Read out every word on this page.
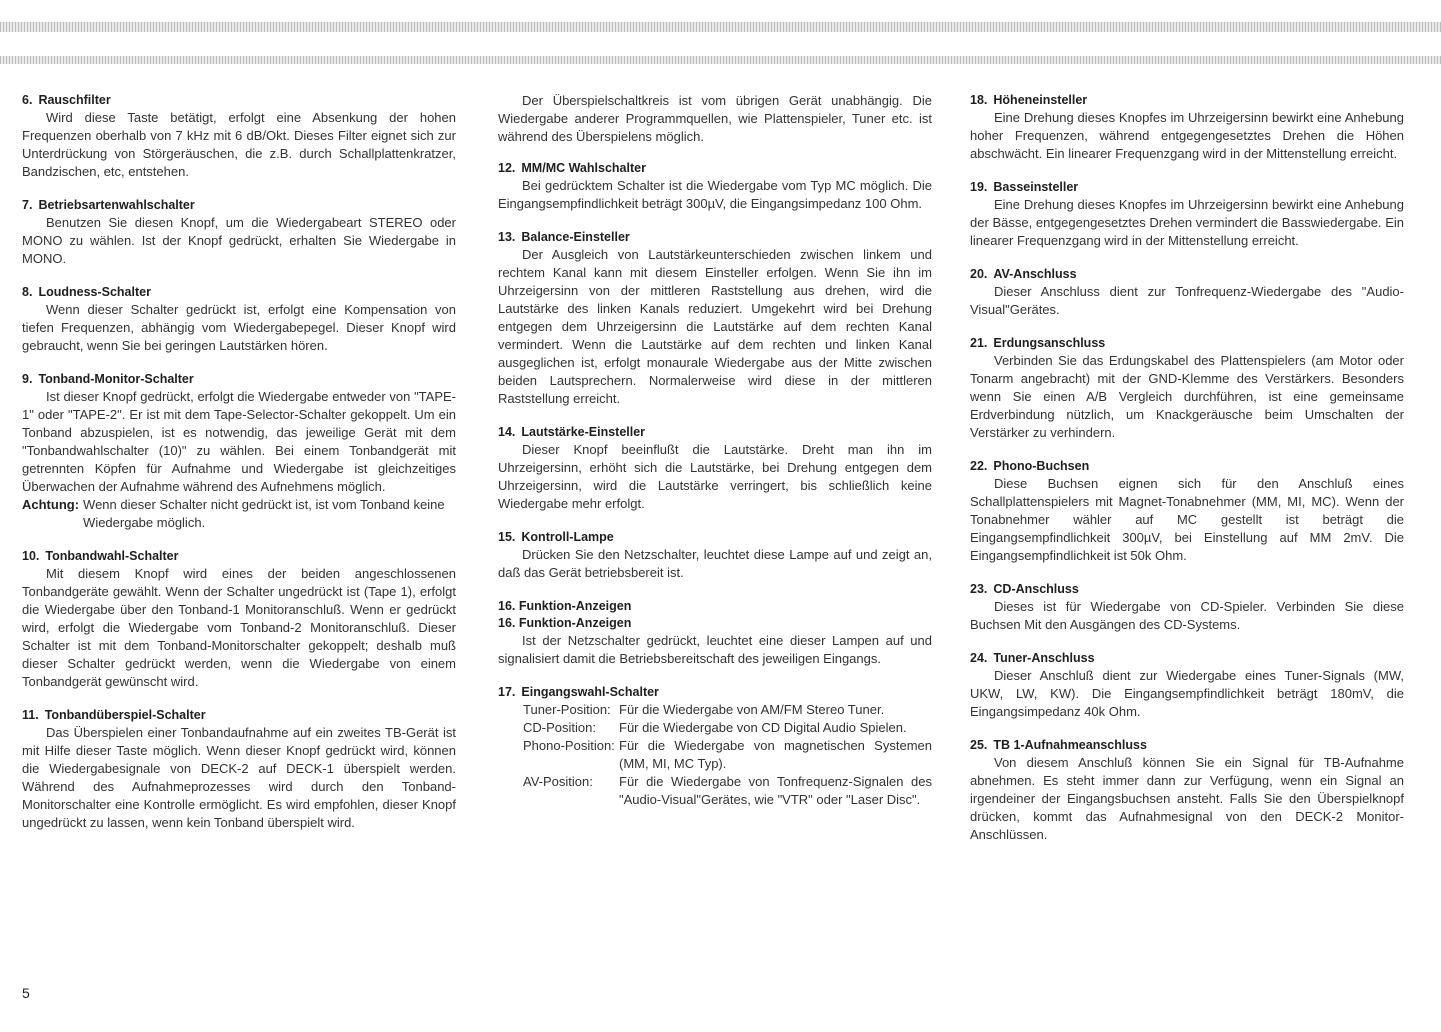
6. Rauschfilter

Wird diese Taste betätigt, erfolgt eine Absenkung der hohen Frequenzen oberhalb von 7 kHz mit 6 dB/Okt. Dieses Filter eignet sich zur Unterdrückung von Störgeräuschen, die z.B. durch Schallplattenkratzer, Bandzischen, etc, entstehen.

7. Betriebsartenwahlschalter

Benutzen Sie diesen Knopf, um die Wiedergabeart STEREO oder MONO zu wählen. Ist der Knopf gedrückt, erhalten Sie Wiedergabe in MONO.

8. Loudness-Schalter

Wenn dieser Schalter gedrückt ist, erfolgt eine Kompensation von tiefen Frequenzen, abhängig vom Wiedergabepegel. Dieser Knopf wird gebraucht, wenn Sie bei geringen Lautstärken hören.

9. Tonband-Monitor-Schalter

Ist dieser Knopf gedrückt, erfolgt die Wiedergabe entweder von "TAPE-1" oder "TAPE-2". Er ist mit dem Tape-Selector-Schalter gekoppelt. Um ein Tonband abzuspielen, ist es notwendig, das jeweilige Gerät mit dem "Tonbandwahlschalter (10)" zu wählen. Bei einem Tonbandgerät mit getrennten Köpfen für Aufnahme und Wiedergabe ist gleichzeitiges Überwachen der Aufnahme während des Aufnehmens möglich.

Achtung: Wenn dieser Schalter nicht gedrückt ist, ist vom Tonband keine Wiedergabe möglich.
10. Tonbandwahl-Schalter

Mit diesem Knopf wird eines der beiden angeschlossenen Tonbandgeräte gewählt. Wenn der Schalter ungedrückt ist (Tape 1), erfolgt die Wiedergabe über den Tonband-1 Monitoranschluß. Wenn er gedrückt wird, erfolgt die Wiedergabe vom Tonband-2 Monitoranschluß. Dieser Schalter ist mit dem Tonband-Monitorschalter gekoppelt; deshalb muß dieser Schalter gedrückt werden, wenn die Wiedergabe von einem Tonbandgerät gewünscht wird.

11. Tonbandüberspiel-Schalter

Das Überspielen einer Tonbandaufnahme auf ein zweites TB-Gerät ist mit Hilfe dieser Taste möglich. Wenn dieser Knopf gedrückt wird, können die Wiedergabesignale von DECK-2 auf DECK-1 überspielt werden. Während des Aufnahmeprozesses wird durch den Tonband-Monitorschalter eine Kontrolle ermöglicht. Es wird empfohlen, dieser Knopf ungedrückt zu lassen, wenn kein Tonband überspielt wird.

Der Überspielschaltkreis ist vom übrigen Gerät unabhängig. Die Wiedergabe anderer Programmquellen, wie Plattenspieler, Tuner etc. ist während des Überspielens möglich.

12. MM/MC Wahlschalter

Bei gedrücktem Schalter ist die Wiedergabe vom Typ MC möglich. Die Eingangsempfindlichkeit beträgt 300µV, die Eingangsimpedanz 100 Ohm.

13. Balance-Einsteller

Der Ausgleich von Lautstärkeunterschieden zwischen linkem und rechtem Kanal kann mit diesem Einsteller erfolgen. Wenn Sie ihn im Uhrzeigersinn von der mittleren Raststellung aus drehen, wird die Lautstärke des linken Kanals reduziert. Umgekehrt wird bei Drehung entgegen dem Uhrzeigersinn die Lautstärke auf dem rechten Kanal vermindert. Wenn die Lautstärke auf dem rechten und linken Kanal ausgeglichen ist, erfolgt monaurale Wiedergabe aus der Mitte zwischen beiden Lautsprechern. Normalerweise wird diese in der mittleren Raststellung erreicht.

14. Lautstärke-Einsteller

Dieser Knopf beeinflußt die Lautstärke. Dreht man ihn im Uhrzeigersinn, erhöht sich die Lautstärke, bei Drehung entgegen dem Uhrzeigersinn, wird die Lautstärke verringert, bis schließlich keine Wiedergabe mehr erfolgt.

15. Kontroll-Lampe

Drücken Sie den Netzschalter, leuchtet diese Lampe auf und zeigt an, daß das Gerät betriebsbereit ist.

16. Funktion-Anzeigen
16. Funktion-Anzeigen

Ist der Netzschalter gedrückt, leuchtet eine dieser Lampen auf und signalisiert damit die Betriebsbereitschaft des jeweiligen Eingangs.

17. Eingangswahl-Schalter
Tuner-Position: Für die Wiedergabe von AM/FM Stereo Tuner.
CD-Position:	Für die Wiedergabe von CD Digital Audio Spielen.
Phono-Position: Für die Wiedergabe von magnetischen Systemen (MM, MI, MC Typ).
AV-Position:	Für die Wiedergabe von Tonfrequenz-Signalen des "Audio-Visual"Gerätes, wie "VTR" oder "Laser Disc".
18. Höheneinsteller

Eine Drehung dieses Knopfes im Uhrzeigersinn bewirkt eine Anhebung hoher Frequenzen, während entgegengesetztes Drehen die Höhen abschwächt. Ein linearer Frequenzgang wird in der Mittenstellung erreicht.

19. Basseinsteller

Eine Drehung dieses Knopfes im Uhrzeigersinn bewirkt eine Anhebung der Bässe, entgegengesetztes Drehen vermindert die Basswiedergabe. Ein linearer Frequenzgang wird in der Mittenstellung erreicht.

20. AV-Anschluss

Dieser Anschluss dient zur Tonfrequenz-Wiedergabe des "Audio-Visual"Gerätes.

21. Erdungsanschluss

Verbinden Sie das Erdungskabel des Plattenspielers (am Motor oder Tonarm angebracht) mit der GND-Klemme des Verstärkers. Besonders wenn Sie einen A/B Vergleich durchführen, ist eine gemeinsame Erdverbindung nützlich, um Knackgeräusche beim Umschalten der Verstärker zu verhindern.

22. Phono-Buchsen

Diese Buchsen eignen sich für den Anschluß eines Schallplattenspielers mit Magnet-Tonabnehmer (MM, MI, MC). Wenn der Tonabnehmer wähler auf MC gestellt ist beträgt die Eingangsempfindlichkeit 300µV, bei Einstellung auf MM 2mV. Die Eingangsempfindlichkeit ist 50k Ohm.

23. CD-Anschluss

Dieses ist für Wiedergabe von CD-Spieler. Verbinden Sie diese Buchsen Mit den Ausgängen des CD-Systems.

24. Tuner-Anschluss

Dieser Anschluß dient zur Wiedergabe eines Tuner-Signals (MW, UKW, LW, KW). Die Eingangsempfindlichkeit beträgt 180mV, die Eingangsimpedanz 40k Ohm.

25. TB 1-Aufnahmeanschluss

Von diesem Anschluß können Sie ein Signal für TB-Aufnahme abnehmen. Es steht immer dann zur Verfügung, wenn ein Signal an irgendeiner der Eingangsbuchsen ansteht. Falls Sie den Überspielknopf drücken, kommt das Aufnahmesignal von den DECK-2 Monitor-Anschlüssen.

5
